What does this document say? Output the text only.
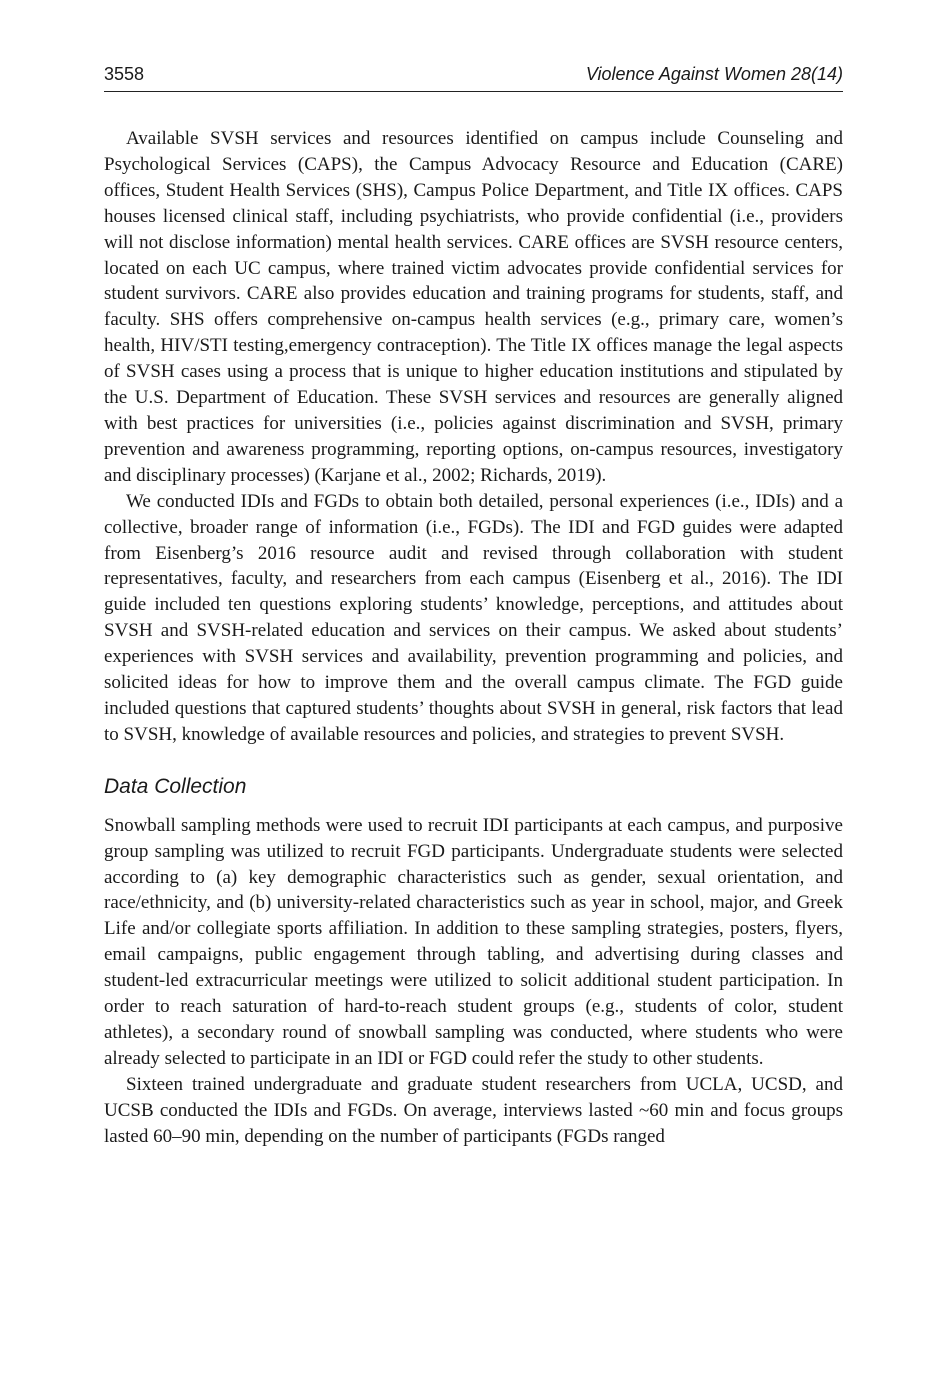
3558	Violence Against Women 28(14)

Available SVSH services and resources identified on campus include Counseling and Psychological Services (CAPS), the Campus Advocacy Resource and Education (CARE) offices, Student Health Services (SHS), Campus Police Department, and Title IX offices. CAPS houses licensed clinical staff, including psychiatrists, who provide confidential (i.e., providers will not disclose information) mental health services. CARE offices are SVSH resource centers, located on each UC campus, where trained victim advocates provide confidential services for student survivors. CARE also provides education and training programs for students, staff, and faculty. SHS offers comprehensive on-campus health services (e.g., primary care, women’s health, HIV/STI testing,emergency contraception). The Title IX offices manage the legal aspects of SVSH cases using a process that is unique to higher education institutions and stipulated by the U.S. Department of Education. These SVSH services and resources are generally aligned with best practices for universities (i.e., policies against discrimination and SVSH, primary prevention and awareness programming, reporting options, on-campus resources, investigatory and disciplinary processes) (Karjane et al., 2002; Richards, 2019).

We conducted IDIs and FGDs to obtain both detailed, personal experiences (i.e., IDIs) and a collective, broader range of information (i.e., FGDs). The IDI and FGD guides were adapted from Eisenberg’s 2016 resource audit and revised through collaboration with student representatives, faculty, and researchers from each campus (Eisenberg et al., 2016). The IDI guide included ten questions exploring students’ knowledge, perceptions, and attitudes about SVSH and SVSH-related education and services on their campus. We asked about students’ experiences with SVSH services and availability, prevention programming and policies, and solicited ideas for how to improve them and the overall campus climate. The FGD guide included questions that captured students’ thoughts about SVSH in general, risk factors that lead to SVSH, knowledge of available resources and policies, and strategies to prevent SVSH.

Data Collection

Snowball sampling methods were used to recruit IDI participants at each campus, and purposive group sampling was utilized to recruit FGD participants. Undergraduate students were selected according to (a) key demographic characteristics such as gender, sexual orientation, and race/ethnicity, and (b) university-related characteristics such as year in school, major, and Greek Life and/or collegiate sports affiliation. In addition to these sampling strategies, posters, flyers, email campaigns, public engagement through tabling, and advertising during classes and student-led extracurricular meetings were utilized to solicit additional student participation. In order to reach saturation of hard-to-reach student groups (e.g., students of color, student athletes), a secondary round of snowball sampling was conducted, where students who were already selected to participate in an IDI or FGD could refer the study to other students.

Sixteen trained undergraduate and graduate student researchers from UCLA, UCSD, and UCSB conducted the IDIs and FGDs. On average, interviews lasted ~60 min and focus groups lasted 60–90 min, depending on the number of participants (FGDs ranged
